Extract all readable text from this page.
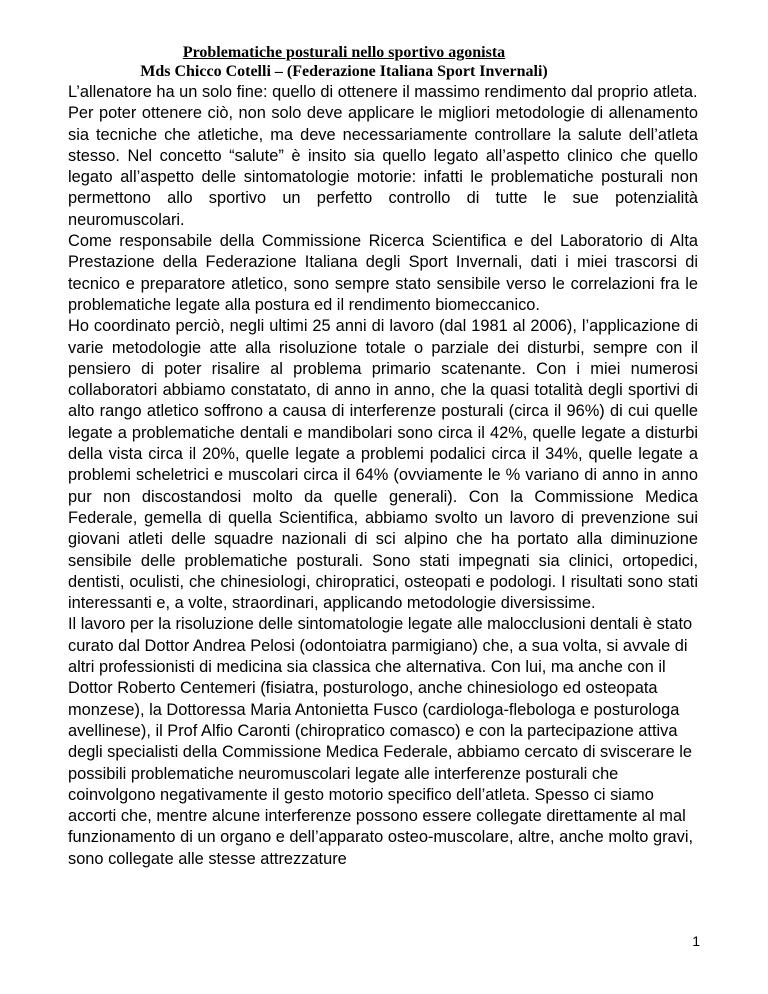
Problematiche posturali nello sportivo agonista
Mds Chicco Cotelli – (Federazione Italiana Sport Invernali)

L’allenatore ha un solo fine: quello di ottenere il massimo rendimento dal proprio atleta.

Per poter ottenere ciò, non solo deve applicare le migliori metodologie di allenamento sia tecniche che atletiche, ma deve necessariamente controllare la salute dell’atleta stesso. Nel concetto “salute” è insito sia quello legato all’aspetto clinico che quello legato all’aspetto delle sintomatologie motorie: infatti le problematiche posturali non permettono allo sportivo un perfetto controllo di tutte le sue potenzialità neuromuscolari.

Come responsabile della Commissione Ricerca Scientifica e del Laboratorio di Alta Prestazione della Federazione Italiana degli Sport Invernali, dati i miei trascorsi di tecnico e preparatore atletico, sono sempre stato sensibile verso le correlazioni fra le problematiche legate alla postura ed il rendimento biomeccanico.

Ho coordinato perciò, negli ultimi 25 anni di lavoro (dal 1981 al 2006), l’applicazione di varie metodologie atte alla risoluzione totale o parziale dei disturbi, sempre con il pensiero di poter risalire al problema primario scatenante. Con i miei numerosi collaboratori abbiamo constatato, di anno in anno, che la quasi totalità degli sportivi di alto rango atletico soffrono a causa di interferenze posturali (circa il 96%) di cui quelle legate a problematiche dentali e mandibolari sono circa il 42%, quelle legate a disturbi della vista circa il 20%, quelle legate a problemi podalici circa il 34%, quelle legate a problemi scheletrici e muscolari circa il 64% (ovviamente le % variano di anno in anno pur non discostandosi molto da quelle generali). Con la Commissione Medica Federale, gemella di quella Scientifica, abbiamo svolto un lavoro di prevenzione sui giovani atleti delle squadre nazionali di sci alpino che ha portato alla diminuzione sensibile delle problematiche posturali. Sono stati impegnati sia clinici, ortopedici, dentisti, oculisti, che chinesiologi, chiropratici, osteopati e podologi. I risultati sono stati interessanti e, a volte, straordinari, applicando metodologie diversissime.

Il lavoro per la risoluzione delle sintomatologie legate alle malocclusioni dentali è stato curato dal Dottor Andrea Pelosi (odontoiatra parmigiano) che, a sua volta, si avvale di altri professionisti di medicina sia classica che alternativa. Con lui, ma anche con il Dottor Roberto Centemeri (fisiatra, posturologo, anche chinesiologo ed osteopata monzese), la Dottoressa Maria Antonietta Fusco (cardiologa-flebologa e posturologa avellinese), il Prof Alfio Caronti (chiropratico comasco) e con la partecipazione attiva degli specialisti della Commissione Medica Federale, abbiamo cercato di sviscerare le possibili problematiche neuromuscolari legate alle interferenze posturali che coinvolgono negativamente il gesto motorio specifico dell’atleta. Spesso ci siamo accorti che, mentre alcune interferenze possono essere collegate direttamente al mal funzionamento di un organo e dell’apparato osteo-muscolare, altre, anche molto gravi, sono collegate alle stesse attrezzature

1
